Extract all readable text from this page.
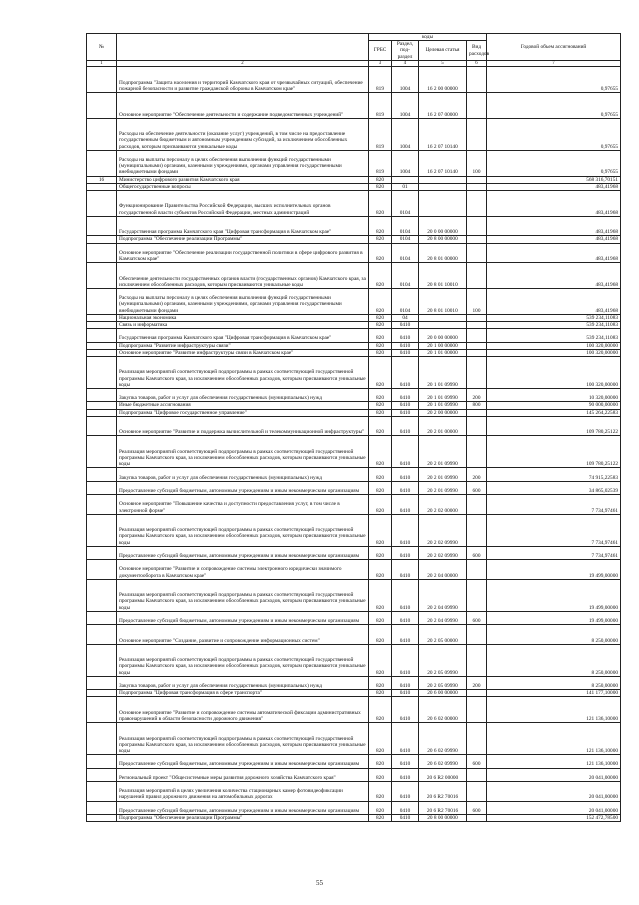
№		коды				Годовой объем ассигнований
		ГРБС	Раздел, под-раздел	Целевая статья	Вид расходов	
1	2	3	4	5	6	7
	Подпрограмма "Защита населения и территорий Камчатского края от чрезвычайных ситуаций, обеспечение пожарной безопасности и развитие гражданской обороны в Камчатском крае"	819	1004	16 2 00 00000		0,97655
	Основное мероприятие "Обеспечение деятельности и содержание подведомственных учреждений"	819	1004	16 2 07 00000		0,97655
	Расходы на обеспечение деятельности (оказание услуг) учреждений, в том числе на предоставление государственным бюджетным и автономным учреждениям субсидий, за исключением обособленных расходов, которым присваиваются уникальные коды	819	1004	16 2 07 10140		0,97655
	Расходы на выплаты персоналу в целях обеспечения выполнения функций государственными (муниципальными) органами, казенными учреждениями, органами управления государственными внебюджетными фондами	819	1004	16 2 07 10140	100	0,97655
16	Министерство цифрового развития Камчатского края	820				568 316,70151
	Общегосударственные вопросы	820	01			483,41968
	Функционирование Правительства Российской Федерации, высших исполнительных органов государственной власти субъектов Российской Федерации, местных администраций	820	0104			483,41968
	Государственная программа Камчатского края "Цифровая трансформация в Камчатском крае"	820	0104	20 0 00 00000		483,41968
	Подпрограмма "Обеспечение реализации Программы"	820	0104	20 8 00 00000		483,41968
	Основное мероприятие "Обеспечение реализации государственной политики в сфере цифрового развития в Камчатском крае"	820	0104	20 8 01 00000		483,41968
	Обеспечение деятельности государственных органов власти (государственных органов) Камчатского края, за исключением обособленных расходов, которым присваиваются уникальные коды	820	0104	20 8 01 10010		483,41968
	Расходы на выплаты персоналу в целях обеспечения выполнения функций государственными (муниципальными) органами, казенными учреждениями, органами управления государственными внебюджетными фондами	820	0104	20 8 01 10010	100	483,41968
	Национальная экономика	820	04			539 234,11083
	Связь и информатика	820	0410			539 234,11083
	Государственная программа Камчатского края "Цифровая трансформация в Камчатском крае"	820	0410	20 0 00 00000		539 234,11083
	Подпрограмма "Развитие инфраструктуры связи"	820	0410	20 1 00 00000		100 320,00000
	Основное мероприятие "Развитие инфраструктуры связи в Камчатском крае"	820	0410	20 1 01 00000		100 320,00000
	Реализация мероприятий соответствующей подпрограммы в рамках соответствующей государственной программы Камчатского края, за исключением обособленных расходов, которым присваиваются уникальные коды	820	0410	20 1 01 09990		100 320,00000
	Закупка товаров, работ и услуг для обеспечения государственных (муниципальных) нужд	820	0410	20 1 01 09990	200	10 320,00000
	Иные бюджетные ассигнования	820	0410	20 1 01 09990	800	90 000,00000
	Подпрограмма "Цифровое государственное управление"	820	0410	20 2 00 00000		145 264,22583
	Основное мероприятие "Развитие и поддержка вычислительной и телекоммуникационной инфраструктуры"	820	0410	20 2 01 00000		109 780,25122
	Реализация мероприятий соответствующей подпрограммы в рамках соответствующей государственной программы Камчатского края, за исключением обособленных расходов, которым присваиваются уникальные коды	820	0410	20 2 01 09990		109 780,25122
	Закупка товаров, работ и услуг для обеспечения государственных (муниципальных) нужд	820	0410	20 2 01 09990	200	74 915,22583
	Предоставление субсидий бюджетным, автономным учреждениям и иным некоммерческим организациям	820	0410	20 2 01 09990	600	34 865,02539
	Основное мероприятие "Повышение качества и доступности предоставления услуг, в том числе в электронной форме"	820	0410	20 2 02 00000		7 734,97461
	Реализация мероприятий соответствующей подпрограммы в рамках соответствующей государственной программы Камчатского края, за исключением обособленных расходов, которым присваиваются уникальные коды	820	0410	20 2 02 09990		7 734,97461
	Предоставление субсидий бюджетным, автономным учреждениям и иным некоммерческим организациям	820	0410	20 2 02 09990	600	7 734,97461
	Основное мероприятие "Развитие и сопровождение системы электронного юридически значимого документооборота в Камчатском крае"	820	0410	20 2 04 00000		19 499,00000
	Реализация мероприятий соответствующей подпрограммы в рамках соответствующей государственной программы Камчатского края, за исключением обособленных расходов, которым присваиваются уникальные коды	820	0410	20 2 04 09990		19 499,00000
	Предоставление субсидий бюджетным, автономным учреждениям и иным некоммерческим организациям	820	0410	20 2 04 09990	600	19 499,00000
	Основное мероприятие "Создание, развитие и сопровождение информационных систем"	820	0410	20 2 05 00000		8 250,00000
	Реализация мероприятий соответствующей подпрограммы в рамках соответствующей государственной программы Камчатского края, за исключением обособленных расходов, которым присваиваются уникальные коды	820	0410	20 2 05 09990		8 250,00000
	Закупка товаров, работ и услуг для обеспечения государственных (муниципальных) нужд	820	0410	20 2 05 09990	200	8 250,00000
	Подпрограмма "Цифровая трансформация в сфере транспорта"	820	0410	20 6 00 00000		141 177,10000
	Основное мероприятие "Развитие и сопровождение системы автоматической фиксации административных правонарушений в области безопасности дорожного движения"	820	0410	20 6 02 00000		121 136,10000
	Реализация мероприятий соответствующей подпрограммы в рамках соответствующей государственной программы Камчатского края, за исключением обособленных расходов, которым присваиваются уникальные коды	820	0410	20 6 02 09990		121 136,10000
	Предоставление субсидий бюджетным, автономным учреждениям и иным некоммерческим организациям	820	0410	20 6 02 09990	600	121 136,10000
	Региональный проект "Общесистемные меры развития дорожного хозяйства Камчатского края"	820	0410	20 6 R2 00000		20 041,00000
	Реализация мероприятий в целях увеличения количества стационарных камер фотовидеофиксации нарушений правил дорожного движения на автомобильных дорогах	820	0410	20 6 R2 70016		20 041,00000
	Предоставление субсидий бюджетным, автономным учреждениям и иным некоммерческим организациям	820	0410	20 6 R2 70016	600	20 041,00000
	Подпрограмма "Обеспечение реализации Программы"	820	0410	20 8 00 00000		152 472,78500
55
